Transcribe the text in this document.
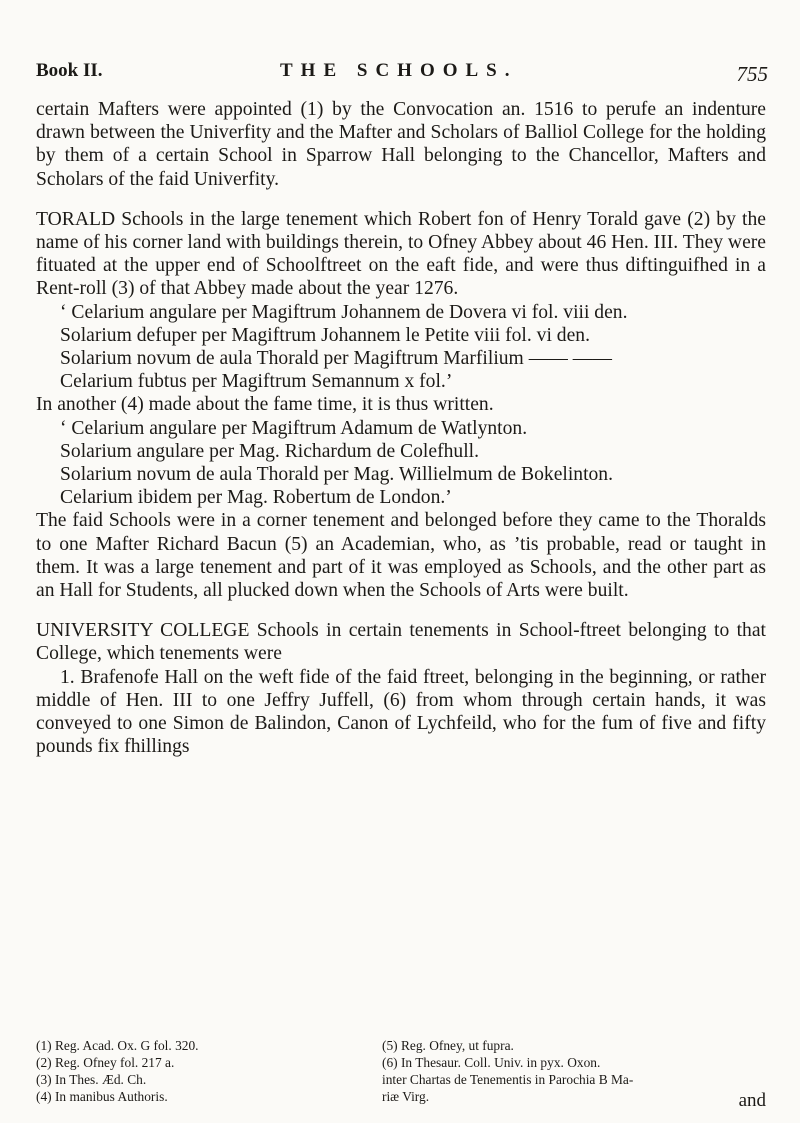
Book II.	THE SCHOOLS.	755

certain Mafters were appointed (1) by the Convocation an. 1516 to perufe an indenture drawn between the Univerfity and the Mafter and Scholars of Balliol College for the holding by them of a certain School in Sparrow Hall belonging to the Chancellor, Mafters and Scholars of the faid Univerfity.

TORALD Schools in the large tenement which Robert fon of Henry Torald gave (2) by the name of his corner land with buildings therein, to Ofney Abbey about 46 Hen. III. They were fituated at the upper end of Schoolftreet on the eaft fide, and were thus diftinguifhed in a Rent-roll (3) of that Abbey made about the year 1276.

‘ Celarium angulare per Magiftrum Johannem de Dovera vi fol. viii den.

Solarium defuper per Magiftrum Johannem le Petite viii fol. vi den.

Solarium novum de aula Thorald per Magiftrum Marfilium —— ——

Celarium fubtus per Magiftrum Semannum x fol.’

In another (4) made about the fame time, it is thus written.

‘ Celarium angulare per Magiftrum Adamum de Watlynton.

Solarium angulare per Mag. Richardum de Colefhull.

Solarium novum de aula Thorald per Mag. Willielmum de Bokelinton.

Celarium ibidem per Mag. Robertum de London.’

The faid Schools were in a corner tenement and belonged before they came to the Thoralds to one Mafter Richard Bacun (5) an Academian, who, as ’tis probable, read or taught in them. It was a large tenement and part of it was employed as Schools, and the other part as an Hall for Students, all plucked down when the Schools of Arts were built.

UNIVERSITY COLLEGE Schools in certain tenements in School-ftreet belonging to that College, which tenements were

1. Brafenofe Hall on the weft fide of the faid ftreet, belonging in the beginning, or rather middle of Hen. III to one Jeffry Juffell, (6) from whom through certain hands, it was conveyed to one Simon de Balindon, Canon of Lychfeild, who for the fum of five and fifty pounds fix fhillings

(1) Reg. Acad. Ox. G fol. 320.
(2) Reg. Ofney fol. 217 a.
(3) In Thes. Æd. Ch.
(4) In manibus Authoris.
(5) Reg. Ofney, ut fupra.
(6) In Thesaur. Coll. Univ. in pyx. Oxon.
inter Chartas de Tenementis in Parochia B Ma-
riæ Virg.	and
